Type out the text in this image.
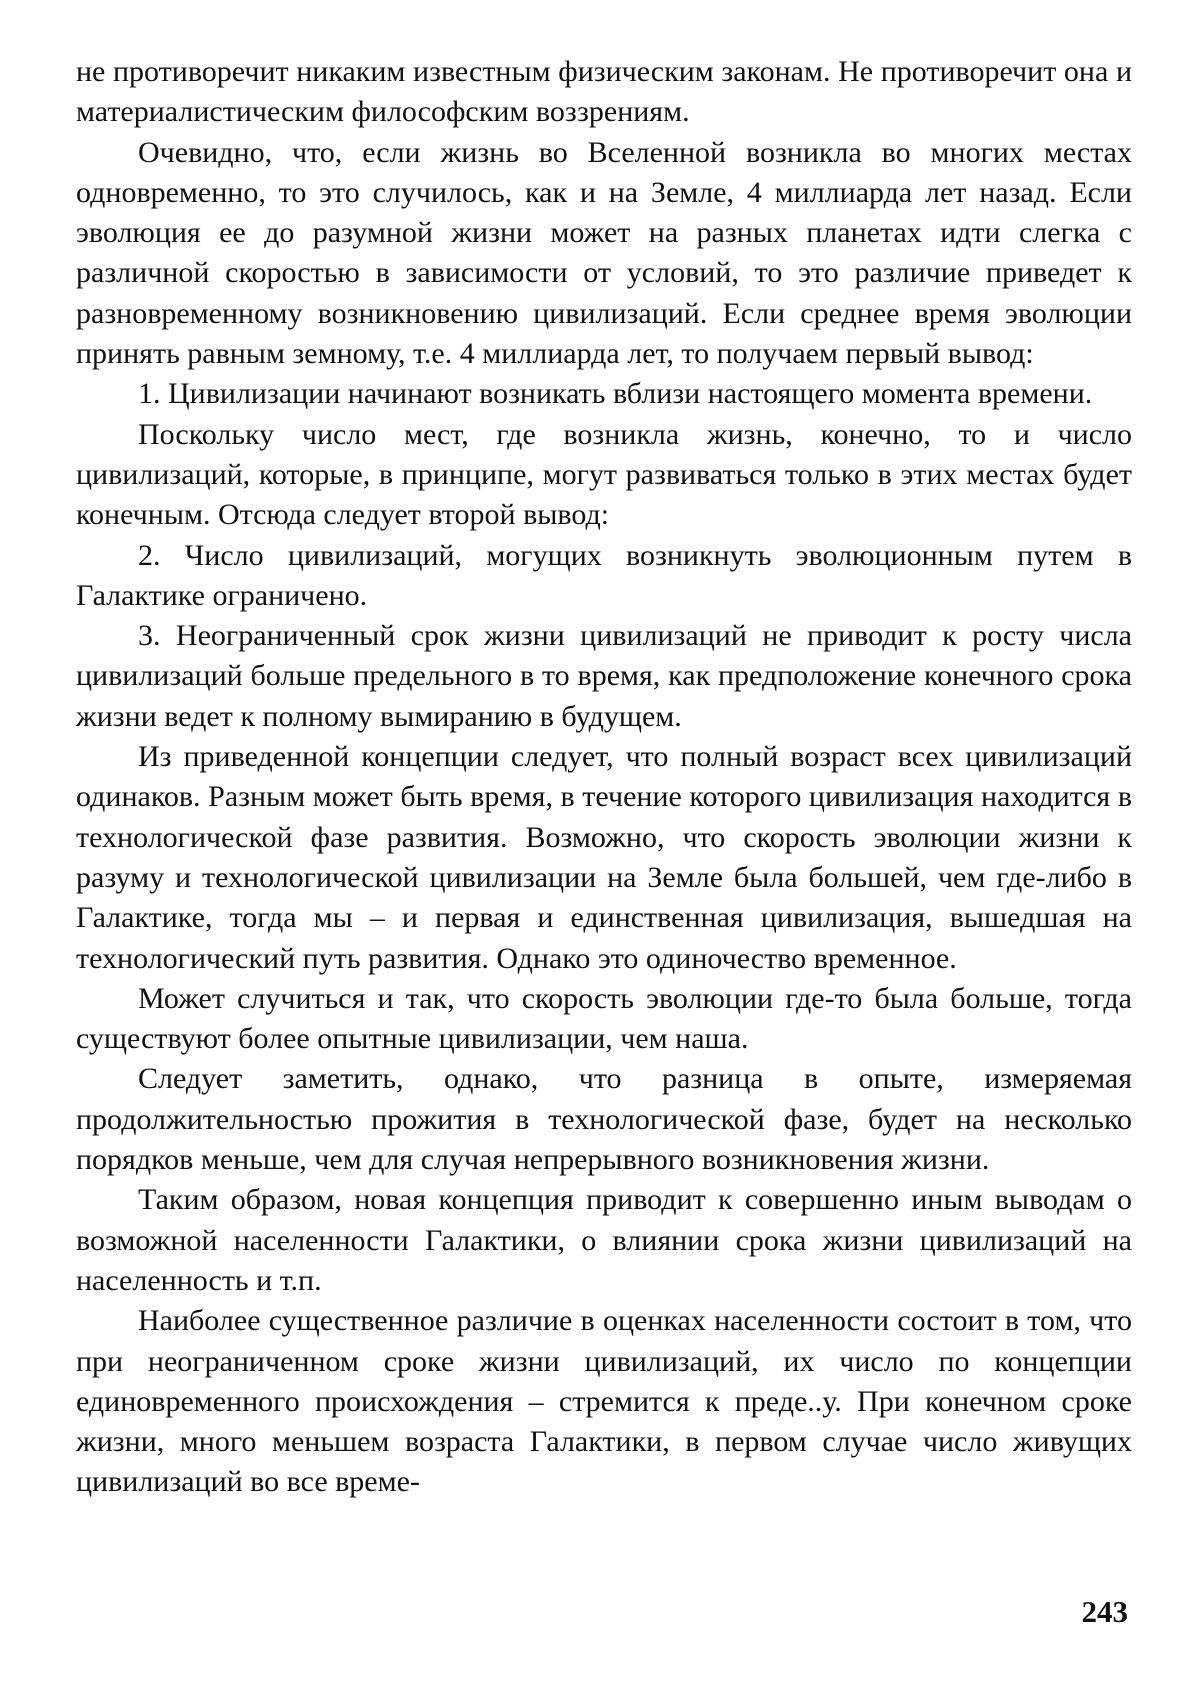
не противоречит никаким известным физическим законам. Не противоречит она и материалистическим философским воззрениям.

Очевидно, что, если жизнь во Вселенной возникла во многих местах одновременно, то это случилось, как и на Земле, 4 миллиарда лет назад. Если эволюция ее до разумной жизни может на разных планетах идти слегка с различной скоростью в зависимости от условий, то это различие приведет к разновременному возникновению цивилизаций. Если среднее время эволюции принять равным земному, т.е. 4 миллиарда лет, то получаем первый вывод:

1. Цивилизации начинают возникать вблизи настоящего момента времени.

Поскольку число мест, где возникла жизнь, конечно, то и число цивилизаций, которые, в принципе, могут развиваться только в этих местах будет конечным. Отсюда следует второй вывод:

2. Число цивилизаций, могущих возникнуть эволюционным путем в Галактике ограничено.

3. Неограниченный срок жизни цивилизаций не приводит к росту числа цивилизаций больше предельного в то время, как предположение конечного срока жизни ведет к полному вымиранию в будущем.

Из приведенной концепции следует, что полный возраст всех цивилизаций одинаков. Разным может быть время, в течение которого цивилизация находится в технологической фазе развития. Возможно, что скорость эволюции жизни к разуму и технологической цивилизации на Земле была большей, чем где-либо в Галактике, тогда мы – и первая и единственная цивилизация, вышедшая на технологический путь развития. Однако это одиночество временное.

Может случиться и так, что скорость эволюции где-то была больше, тогда существуют более опытные цивилизации, чем наша.

Следует заметить, однако, что разница в опыте, измеряемая продолжительностью прожития в технологической фазе, будет на несколько порядков меньше, чем для случая непрерывного возникновения жизни.

Таким образом, новая концепция приводит к совершенно иным выводам о возможной населенности Галактики, о влиянии срока жизни цивилизаций на населенность и т.п.

Наиболее существенное различие в оценках населенности состоит в том, что при неограниченном сроке жизни цивилизаций, их число по концепции единовременного происхождения – стремится к преде..у. При конечном сроке жизни, много меньшем возраста Галактики, в первом случае число живущих цивилизаций во все време-

243
